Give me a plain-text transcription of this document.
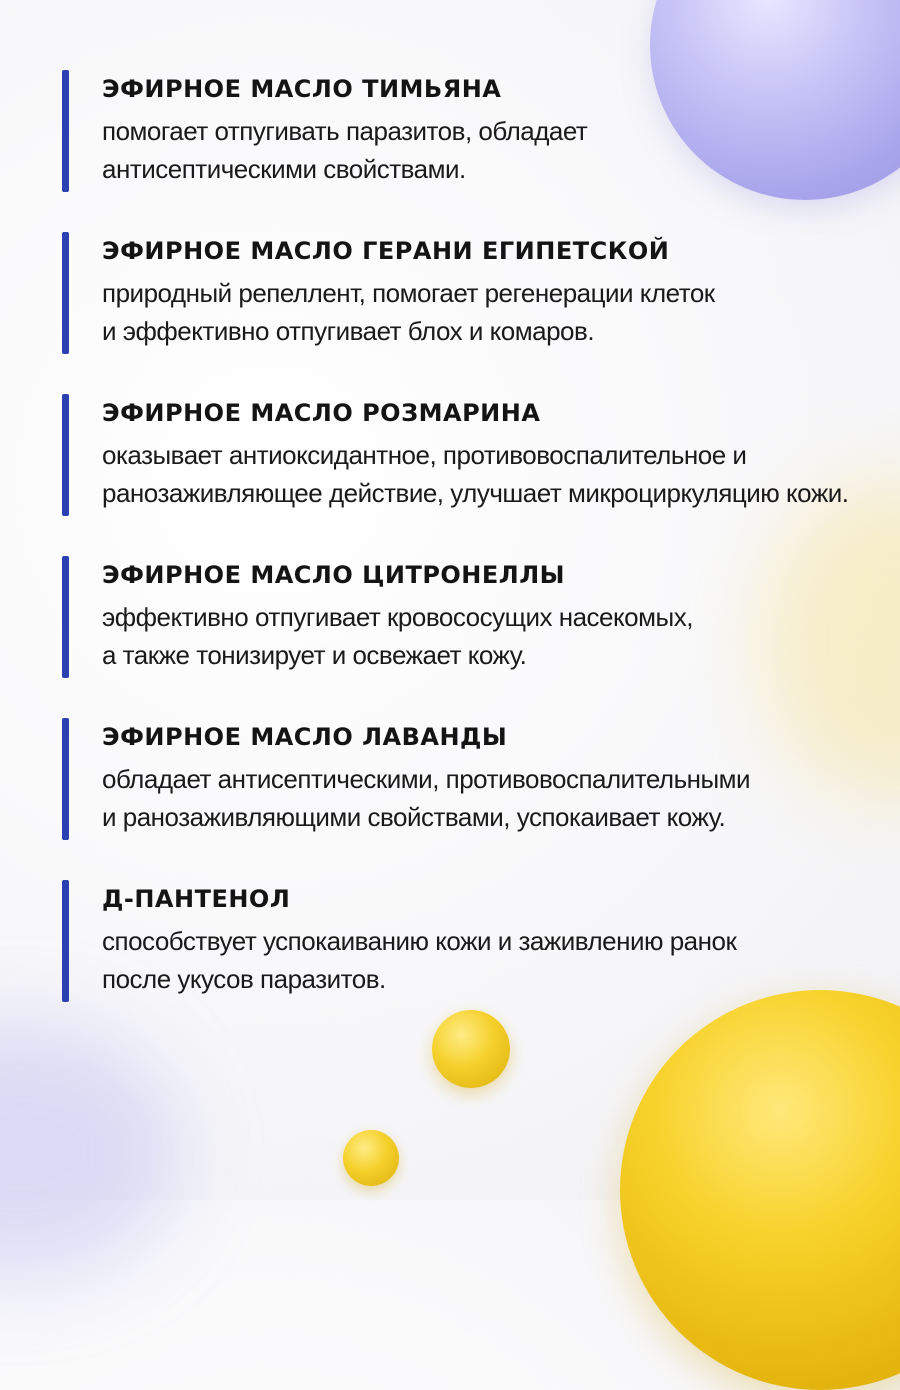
ЭФИРНОЕ МАСЛО ТИМЬЯНА

помогает отпугивать паразитов, обладает
антисептическими свойствами.

ЭФИРНОЕ МАСЛО ГЕРАНИ ЕГИПЕТСКОЙ

природный репеллент, помогает регенерации клеток
и эффективно отпугивает блох и комаров.

ЭФИРНОЕ МАСЛО РОЗМАРИНА

оказывает антиоксидантное, противовоспалительное и
ранозаживляющее действие, улучшает микроциркуляцию кожи.

ЭФИРНОЕ МАСЛО ЦИТРОНЕЛЛЫ

эффективно отпугивает кровососущих насекомых,
а также тонизирует и освежает кожу.

ЭФИРНОЕ МАСЛО ЛАВАНДЫ

обладает антисептическими, противовоспалительными
и ранозаживляющими свойствами, успокаивает кожу.

Д-ПАНТЕНОЛ

способствует успокаиванию кожи и заживлению ранок
после укусов паразитов.
